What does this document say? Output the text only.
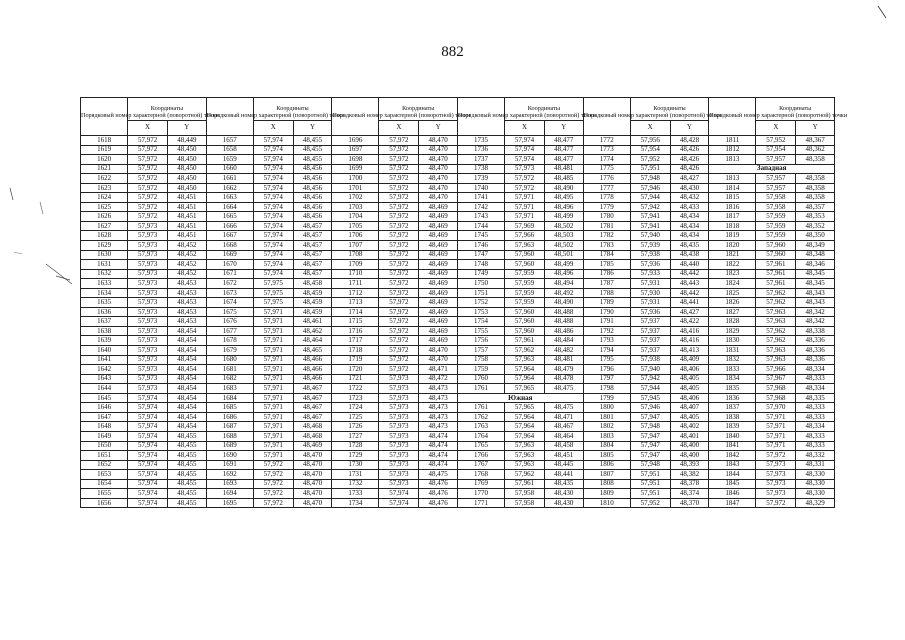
882
Порядковый номер характерной (поворотной) точки	Координаты		Порядковый номер характерной (поворотной) точки	Координаты		Порядковый номер характерной (поворотной) точки	Координаты		Порядковый номер характерной (поворотной) точки	Координаты		Порядковый номер характерной (поворотной) точки	Координаты		Порядковый номер характерной (поворотной) точки	Координаты	
	X	Y		X	Y		X	Y		X	Y		X	Y		X	Y
1618	57,972	48,449	1657	57,974	48,455	1696	57,972	48,470	1735	57,974	48,477	1772	57,956	48,428	1811	57,952	48,367
1619	57,972	48,450	1658	57,974	48,455	1697	57,972	48,470	1736	57,974	48,477	1773	57,954	48,426	1812	57,954	48,362
1620	57,972	48,450	1659	57,974	48,455	1698	57,972	48,470	1737	57,974	48,477	1774	57,952	48,426	1813	57,957	48,358
1621	57,972	48,450	1660	57,974	48,456	1699	57,972	48,470	1738	57,973	48,481	1775	57,951	48,426	Западная		
1622	57,972	48,450	1661	57,974	48,456	1700	57,972	48,470	1739	57,972	48,485	1776	57,948	48,427	1813	57,957	48,358
1623	57,972	48,450	1662	57,974	48,456	1701	57,972	48,470	1740	57,972	48,490	1777	57,946	48,430	1814	57,957	48,358
1624	57,972	48,451	1663	57,974	48,456	1702	57,972	48,470	1741	57,971	48,495	1778	57,944	48,432	1815	57,958	48,358
1625	57,972	48,451	1664	57,974	48,456	1703	57,972	48,469	1742	57,971	48,496	1779	57,942	48,433	1816	57,958	48,357
1626	57,972	48,451	1665	57,974	48,456	1704	57,972	48,469	1743	57,971	48,499	1780	57,941	48,434	1817	57,959	48,353
1627	57,973	48,451	1666	57,974	48,457	1705	57,972	48,469	1744	57,969	48,502	1781	57,941	48,434	1818	57,959	48,352
1628	57,973	48,451	1667	57,974	48,457	1706	57,972	48,469	1745	57,966	48,503	1782	57,940	48,434	1819	57,959	48,350
1629	57,973	48,452	1668	57,974	48,457	1707	57,972	48,469	1746	57,963	48,502	1783	57,939	48,435	1820	57,960	48,349
1630	57,973	48,452	1669	57,974	48,457	1708	57,972	48,469	1747	57,960	48,501	1784	57,938	48,438	1821	57,960	48,348
1631	57,973	48,452	1670	57,974	48,457	1709	57,972	48,469	1748	57,960	48,499	1785	57,936	48,440	1822	57,961	48,346
1632	57,973	48,452	1671	57,974	48,457	1710	57,972	48,469	1749	57,959	48,496	1786	57,933	48,442	1823	57,961	48,345
1633	57,973	48,453	1672	57,975	48,458	1711	57,972	48,469	1750	57,959	48,494	1787	57,931	48,443	1824	57,961	48,345
1634	57,973	48,453	1673	57,975	48,459	1712	57,972	48,469	1751	57,959	48,492	1788	57,930	48,442	1825	57,962	48,343
1635	57,973	48,453	1674	57,975	48,459	1713	57,972	48,469	1752	57,959	48,490	1789	57,931	48,441	1826	57,962	48,343
1636	57,973	48,453	1675	57,971	48,459	1714	57,972	48,469	1753	57,960	48,488	1790	57,936	48,427	1827	57,963	48,342
1637	57,973	48,453	1676	57,971	48,461	1715	57,972	48,469	1754	57,960	48,488	1791	57,937	48,422	1828	57,963	48,342
1638	57,973	48,454	1677	57,971	48,462	1716	57,972	48,469	1755	57,960	48,486	1792	57,937	48,416	1829	57,962	48,338
1639	57,973	48,454	1678	57,971	48,464	1717	57,972	48,469	1756	57,961	48,484	1793	57,937	48,416	1830	57,962	48,336
1640	57,973	48,454	1679	57,971	48,465	1718	57,972	48,470	1757	57,962	48,482	1794	57,937	48,413	1831	57,963	48,336
1641	57,973	48,454	1680	57,971	48,466	1719	57,972	48,470	1758	57,963	48,481	1795	57,938	48,409	1832	57,963	48,336
1642	57,973	48,454	1681	57,971	48,466	1720	57,972	48,471	1759	57,964	48,479	1796	57,940	48,406	1833	57,966	48,334
1643	57,973	48,454	1682	57,971	48,466	1721	57,973	48,472	1760	57,964	48,478	1797	57,942	48,405	1834	57,967	48,333
1644	57,973	48,454	1683	57,971	48,467	1722	57,973	48,473	1761	57,965	48,475	1798	57,944	48,405	1835	57,968	48,334
1645	57,974	48,454	1684	57,971	48,467	1723	57,973	48,473	Южная			1799	57,945	48,406	1836	57,968	48,335
1646	57,974	48,454	1685	57,971	48,467	1724	57,973	48,473	1761	57,965	48,475	1800	57,946	48,407	1837	57,970	48,333
1647	57,974	48,454	1686	57,971	48,467	1725	57,973	48,473	1762	57,964	48,471	1801	57,947	48,405	1838	57,971	48,333
1648	57,974	48,454	1687	57,971	48,468	1726	57,973	48,473	1763	57,964	48,467	1802	57,948	48,402	1839	57,971	48,334
1649	57,974	48,455	1688	57,971	48,468	1727	57,973	48,474	1764	57,964	48,464	1803	57,947	48,401	1840	57,971	48,333
1650	57,974	48,455	1689	57,971	48,469	1728	57,973	48,474	1765	57,963	48,458	1804	57,947	48,400	1841	57,971	48,333
1651	57,974	48,455	1690	57,971	48,470	1729	57,973	48,474	1766	57,963	48,451	1805	57,947	48,400	1842	57,972	48,332
1652	57,974	48,455	1691	57,972	48,470	1730	57,973	48,474	1767	57,963	48,445	1806	57,948	48,393	1843	57,973	48,331
1653	57,974	48,455	1692	57,972	48,470	1731	57,973	48,475	1768	57,962	48,441	1807	57,951	48,382	1844	57,973	48,330
1654	57,974	48,455	1693	57,972	48,470	1732	57,973	48,476	1769	57,961	48,435	1808	57,951	48,378	1845	57,973	48,330
1655	57,974	48,455	1694	57,972	48,470	1733	57,974	48,476	1770	57,958	48,430	1809	57,951	48,374	1846	57,973	48,330
1656	57,974	48,455	1695	57,972	48,470	1734	57,974	48,476	1771	57,958	48,430	1810	57,952	48,370	1847	57,972	48,329
